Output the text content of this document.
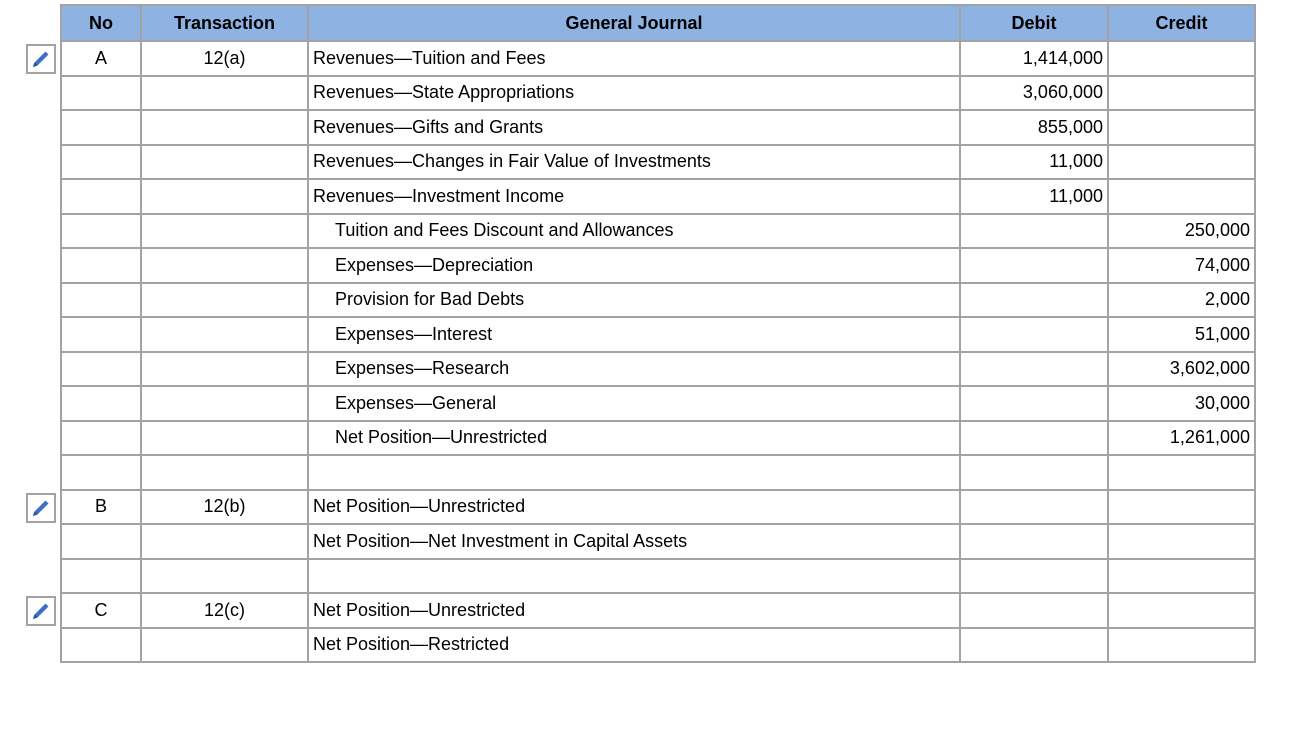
No	Transaction	General Journal	Debit	Credit
A	12(a)	Revenues—Tuition and Fees	1,414,000	
		Revenues—State Appropriations	3,060,000	
		Revenues—Gifts and Grants	855,000	
		Revenues—Changes in Fair Value of Investments	11,000	
		Revenues—Investment Income	11,000	
		Tuition and Fees Discount and Allowances		250,000
		Expenses—Depreciation		74,000
		Provision for Bad Debts		2,000
		Expenses—Interest		51,000
		Expenses—Research		3,602,000
		Expenses—General		30,000
		Net Position—Unrestricted		1,261,000

B	12(b)	Net Position—Unrestricted		
		Net Position—Net Investment in Capital Assets		

C	12(c)	Net Position—Unrestricted		
		Net Position—Restricted		
